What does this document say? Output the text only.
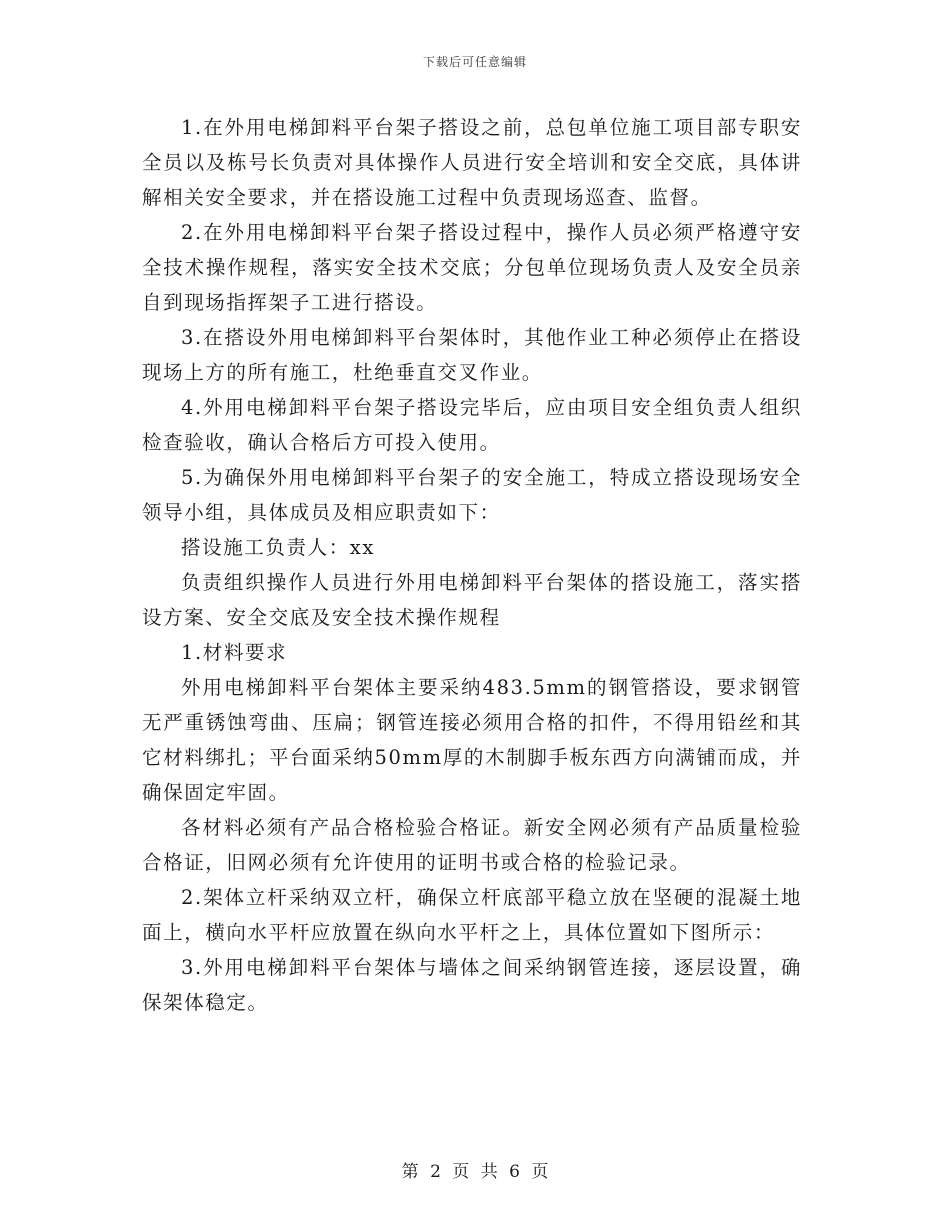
下载后可任意编辑

1.在外用电梯卸料平台架子搭设之前，总包单位施工项目部专职安全员以及栋号长负责对具体操作人员进行安全培训和安全交底，具体讲解相关安全要求，并在搭设施工过程中负责现场巡查、监督。

2.在外用电梯卸料平台架子搭设过程中，操作人员必须严格遵守安全技术操作规程，落实安全技术交底；分包单位现场负责人及安全员亲自到现场指挥架子工进行搭设。

3.在搭设外用电梯卸料平台架体时，其他作业工种必须停止在搭设现场上方的所有施工，杜绝垂直交叉作业。

4.外用电梯卸料平台架子搭设完毕后，应由项目安全组负责人组织检查验收，确认合格后方可投入使用。

5.为确保外用电梯卸料平台架子的安全施工，特成立搭设现场安全领导小组，具体成员及相应职责如下：

搭设施工负责人：xx

负责组织操作人员进行外用电梯卸料平台架体的搭设施工，落实搭设方案、安全交底及安全技术操作规程

1.材料要求

外用电梯卸料平台架体主要采纳483.5mm的钢管搭设，要求钢管无严重锈蚀弯曲、压扁；钢管连接必须用合格的扣件，不得用铅丝和其它材料绑扎；平台面采纳50mm厚的木制脚手板东西方向满铺而成，并确保固定牢固。

各材料必须有产品合格检验合格证。新安全网必须有产品质量检验合格证，旧网必须有允许使用的证明书或合格的检验记录。

2.架体立杆采纳双立杆，确保立杆底部平稳立放在坚硬的混凝土地面上，横向水平杆应放置在纵向水平杆之上，具体位置如下图所示：

3.外用电梯卸料平台架体与墙体之间采纳钢管连接，逐层设置，确保架体稳定。

第 2 页 共 6 页
